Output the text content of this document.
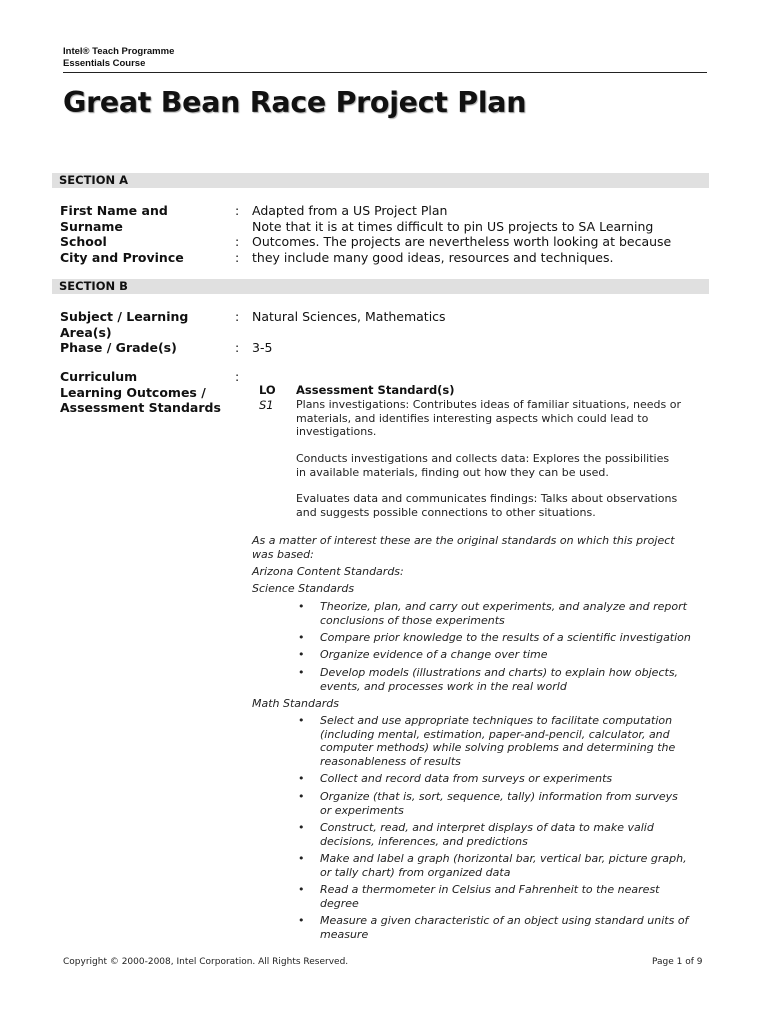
Intel® Teach Programme
Essentials Course
Great Bean Race Project Plan
SECTION A
First Name and
Surname
School
City and Province
:
:
:
Adapted from a US Project Plan
Note that it is at times difficult to pin US projects to SA Learning
Outcomes. The projects are nevertheless worth looking at because
they include many good ideas, resources and techniques.
SECTION B
Subject / Learning
Area(s)
: Natural Sciences, Mathematics
Phase / Grade(s)	: 3-5
Curriculum
Learning Outcomes /
Assessment Standards
:
LO Assessment Standard(s)
S1 Plans investigations: Contributes ideas of familiar situations, needs or
materials, and identifies interesting aspects which could lead to
investigations.
Conducts investigations and collects data: Explores the possibilities
in available materials, finding out how they can be used.
Evaluates data and communicates findings: Talks about observations
and suggests possible connections to other situations.
As a matter of interest these are the original standards on which this project
was based:
Arizona Content Standards:
Science Standards
• Theorize, plan, and carry out experiments, and analyze and report
conclusions of those experiments
• Compare prior knowledge to the results of a scientific investigation
• Organize evidence of a change over time
• Develop models (illustrations and charts) to explain how objects,
events, and processes work in the real world
Math Standards
• Select and use appropriate techniques to facilitate computation
(including mental, estimation, paper-and-pencil, calculator, and
computer methods) while solving problems and determining the
reasonableness of results
• Collect and record data from surveys or experiments
• Organize (that is, sort, sequence, tally) information from surveys
or experiments
• Construct, read, and interpret displays of data to make valid
decisions, inferences, and predictions
• Make and label a graph (horizontal bar, vertical bar, picture graph,
or tally chart) from organized data
• Read a thermometer in Celsius and Fahrenheit to the nearest
degree
• Measure a given characteristic of an object using standard units of
measure
Copyright © 2000-2008, Intel Corporation. All Rights Reserved.	Page 1 of 9
